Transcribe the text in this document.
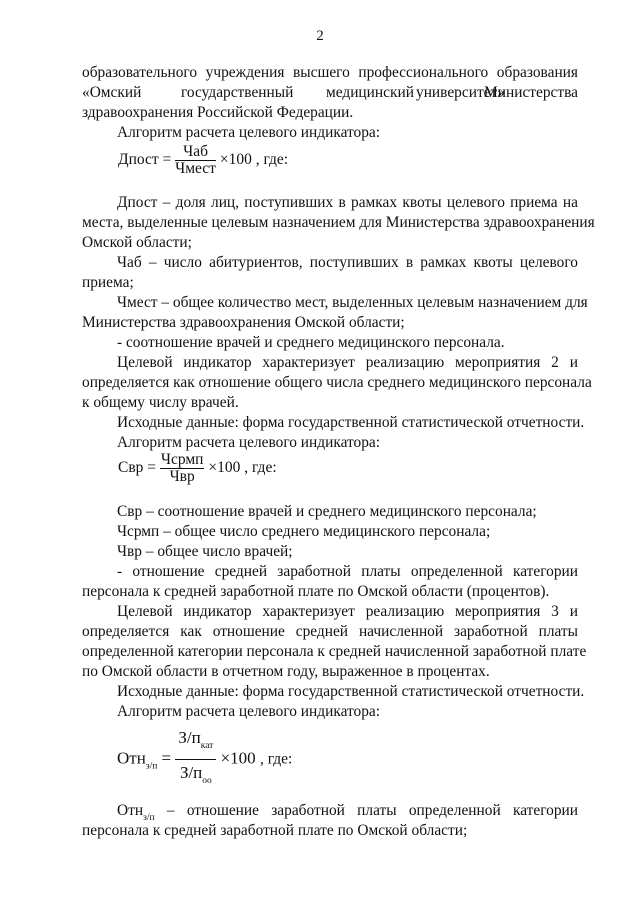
2
образовательного учреждения высшего профессионального образования
«Омский	государственный медицинский университет»
Министерства
здравоохранения Российской Федерации.
Алгоритм расчета целевого индикатора:
Дпост = $\frac{\text{Чаб}}{\text{Чмест}} \times 100$ , где:
Дпост – доля лиц, поступивших в рамках квоты целевого приема на
места, выделенные целевым назначением для Министерства здравоохранения
Омской области;
Чаб – число абитуриентов, поступивших в рамках квоты целевого
приема;
Чмест – общее количество мест, выделенных целевым назначением для
Министерства здравоохранения Омской области;
- соотношение врачей и среднего медицинского персонала.
Целевой индикатор характеризует реализацию мероприятия 2 и
определяется как отношение общего числа среднего медицинского персонала
к общему числу врачей.
Исходные данные: форма государственной статистической отчетности.
Алгоритм расчета целевого индикатора:
Свр = $\frac{\text{Чсрмп}}{\text{Чвр}} \times 100$ , где:
Свр – соотношение врачей и среднего медицинского персонала;
Чсрмп – общее число среднего медицинского персонала;
Чвр – общее число врачей;
- отношение средней заработной платы определенной категории
персонала к средней заработной плате по Омской области (процентов).
Целевой индикатор характеризует реализацию мероприятия 3 и
определяется как отношение средней начисленной заработной платы
определенной категории персонала к средней начисленной заработной плате
по Омской области в отчетном году, выраженное в процентах.
Исходные данные: форма государственной статистической отчетности.
Алгоритм расчета целевого индикатора:
$Отн_{з/п} = \frac{З/п_{кат}}{З/п_{оо}} \times 100$ , где:
Отн$_{з/п}$ – отношение заработной платы определенной категории
персонала к средней заработной плате по Омской области;
